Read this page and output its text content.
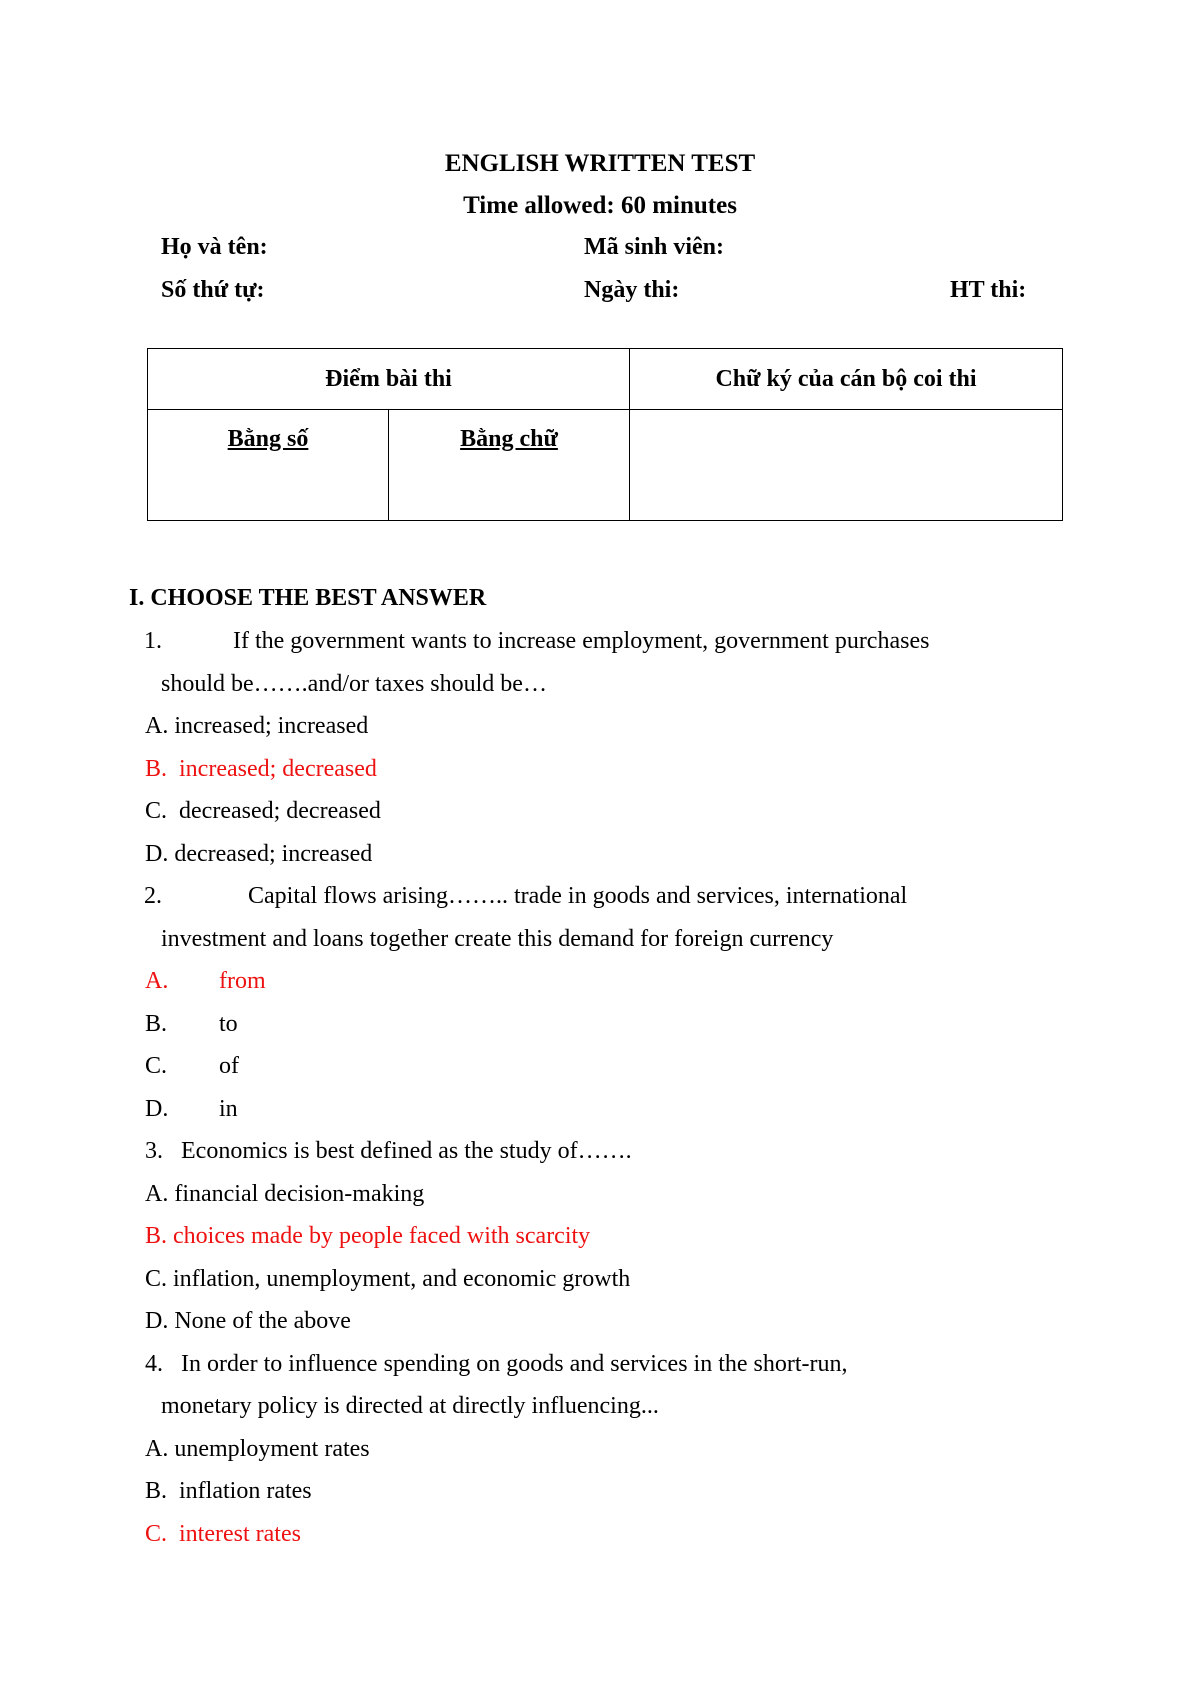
ENGLISH WRITTEN TEST
Time allowed: 60 minutes
Họ và tên:	Mã sinh viên:
Số thứ tự:	Ngày thi:	HT thi:
Điểm bài thi		Chữ ký của cán bộ coi thi
Bằng số	Bằng chữ	
I. CHOOSE THE BEST ANSWER
1.	If the government wants to increase employment, government purchases
should be…….and/or taxes should be…
A. increased; increased
B. increased; decreased
C. decreased; decreased
D. decreased; increased
2.	Capital flows arising…….. trade in goods and services, international
investment and loans together create this demand for foreign currency
A. from
B. to
C. of
D. in
3. Economics is best defined as the study of…….
A. financial decision-making
B. choices made by people faced with scarcity
C. inflation, unemployment, and economic growth
D. None of the above
4. In order to influence spending on goods and services in the short-run,
monetary policy is directed at directly influencing...
A. unemployment rates
B. inflation rates
C. interest rates
